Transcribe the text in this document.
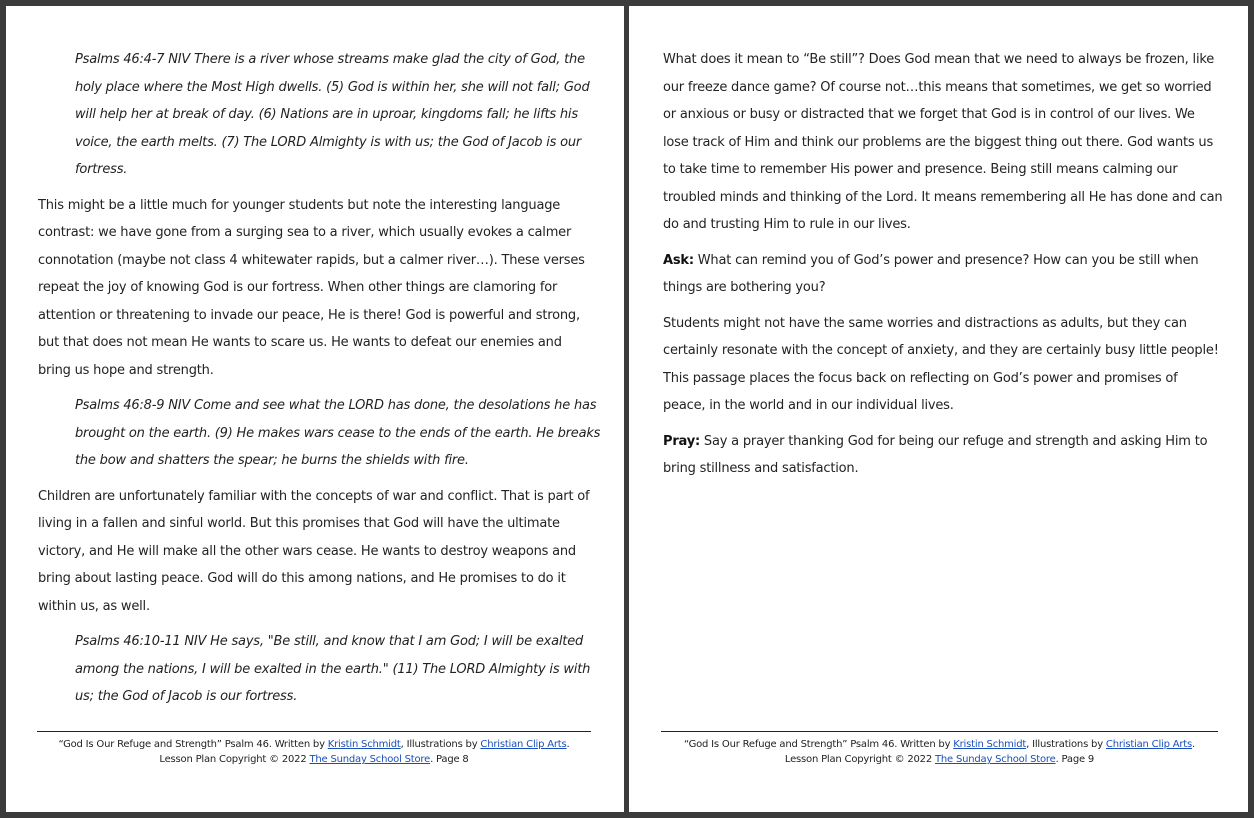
Psalms 46:4-7 NIV There is a river whose streams make glad the city of God, the holy place where the Most High dwells. (5) God is within her, she will not fall; God will help her at break of day. (6) Nations are in uproar, kingdoms fall; he lifts his voice, the earth melts. (7) The LORD Almighty is with us; the God of Jacob is our fortress.

This might be a little much for younger students but note the interesting language contrast: we have gone from a surging sea to a river, which usually evokes a calmer connotation (maybe not class 4 whitewater rapids, but a calmer river…). These verses repeat the joy of knowing God is our fortress. When other things are clamoring for attention or threatening to invade our peace, He is there! God is powerful and strong, but that does not mean He wants to scare us. He wants to defeat our enemies and bring us hope and strength.

Psalms 46:8-9 NIV Come and see what the LORD has done, the desolations he has brought on the earth. (9) He makes wars cease to the ends of the earth. He breaks the bow and shatters the spear; he burns the shields with fire.

Children are unfortunately familiar with the concepts of war and conflict. That is part of living in a fallen and sinful world. But this promises that God will have the ultimate victory, and He will make all the other wars cease. He wants to destroy weapons and bring about lasting peace. God will do this among nations, and He promises to do it within us, as well.

Psalms 46:10-11 NIV He says, "Be still, and know that I am God; I will be exalted among the nations, I will be exalted in the earth." (11) The LORD Almighty is with us; the God of Jacob is our fortress.

“God Is Our Refuge and Strength” Psalm 46. Written by Kristin Schmidt, Illustrations by Christian Clip Arts.
Lesson Plan Copyright © 2022 The Sunday School Store. Page 8

What does it mean to “Be still”? Does God mean that we need to always be frozen, like our freeze dance game? Of course not…this means that sometimes, we get so worried or anxious or busy or distracted that we forget that God is in control of our lives. We lose track of Him and think our problems are the biggest thing out there. God wants us to take time to remember His power and presence. Being still means calming our troubled minds and thinking of the Lord. It means remembering all He has done and can do and trusting Him to rule in our lives.

Ask: What can remind you of God’s power and presence? How can you be still when things are bothering you?

Students might not have the same worries and distractions as adults, but they can certainly resonate with the concept of anxiety, and they are certainly busy little people! This passage places the focus back on reflecting on God’s power and promises of peace, in the world and in our individual lives.

Pray: Say a prayer thanking God for being our refuge and strength and asking Him to bring stillness and satisfaction.

“God Is Our Refuge and Strength” Psalm 46. Written by Kristin Schmidt, Illustrations by Christian Clip Arts.
Lesson Plan Copyright © 2022 The Sunday School Store. Page 9
